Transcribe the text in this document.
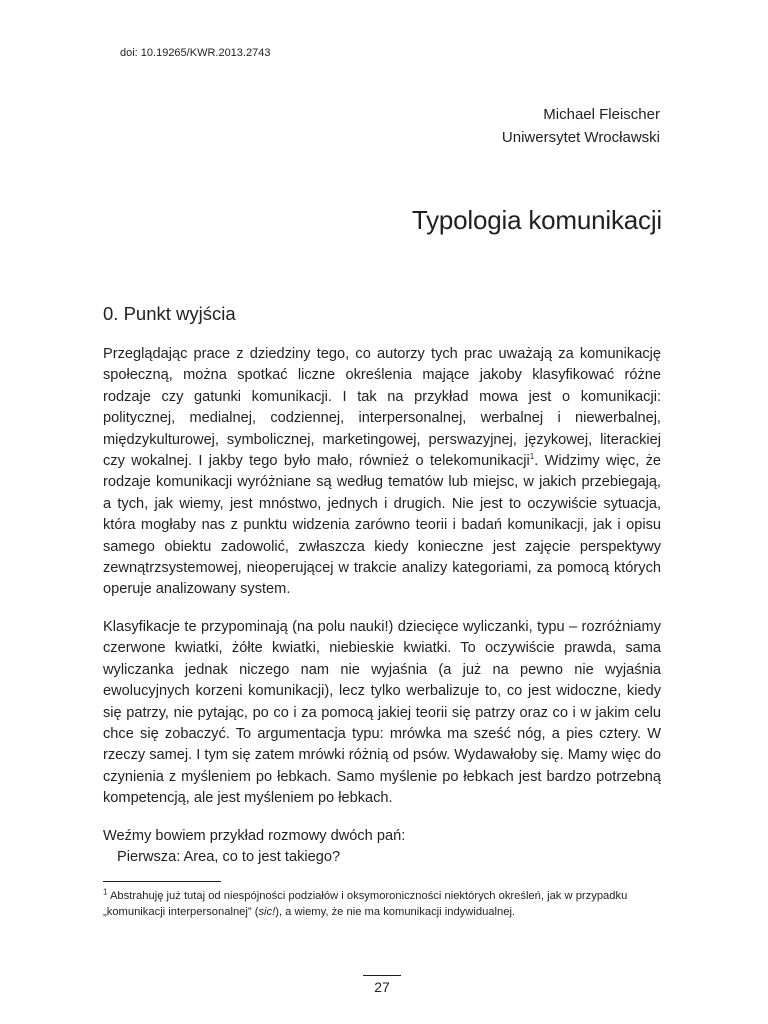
doi: 10.19265/KWR.2013.2743
Michael Fleischer
Uniwersytet Wrocławski
Typologia komunikacji
0. Punkt wyjścia

Przeglądając prace z dziedziny tego, co autorzy tych prac uważają za komunikację społeczną, można spotkać liczne określenia mające jakoby klasyfikować różne rodzaje czy gatunki komunikacji. I tak na przykład mowa jest o komunikacji: politycznej, medialnej, codziennej, interpersonalnej, werbalnej i niewerbalnej, międzykulturowej, symbolicznej, marketingowej, perswazyjnej, językowej, literackiej czy wokalnej. I jakby tego było mało, również o telekomunikacji$^1$. Widzimy więc, że rodzaje komunikacji wyróżniane są według tematów lub miejsc, w jakich przebiegają, a tych, jak wiemy, jest mnóstwo, jednych i drugich. Nie jest to oczywiście sytuacja, która mogłaby nas z punktu widzenia zarówno teorii i badań komunikacji, jak i opisu samego obiektu zadowolić, zwłaszcza kiedy konieczne jest zajęcie perspektywy zewnątrzsystemowej, nieoperującej w trakcie analizy kategoriami, za pomocą których operuje analizowany system.

Klasyfikacje te przypominają (na polu nauki!) dziecięce wyliczanki, typu – rozróżniamy czerwone kwiatki, żółte kwiatki, niebieskie kwiatki. To oczywiście prawda, sama wyliczanka jednak niczego nam nie wyjaśnia (a już na pewno nie wyjaśnia ewolucyjnych korzeni komunikacji), lecz tylko werbalizuje to, co jest widoczne, kiedy się patrzy, nie pytając, po co i za pomocą jakiej teorii się patrzy oraz co i w jakim celu chce się zobaczyć. To argumentacja typu: mrówka ma sześć nóg, a pies cztery. W rzeczy samej. I tym się zatem mrówki różnią od psów. Wydawałoby się. Mamy więc do czynienia z myśleniem po łebkach. Samo myślenie po łebkach jest bardzo potrzebną kompetencją, ale jest myśleniem po łebkach.

Weźmy bowiem przykład rozmowy dwóch pań:

Pierwsza: Area, co to jest takiego?

$^1$ Abstrahuję już tutaj od niespójności podziałów i oksymoroniczności niektórych określeń, jak w przypadku „komunikacji interpersonalnej” (sic!), a wiemy, że nie ma komunikacji indywidualnej.

27
